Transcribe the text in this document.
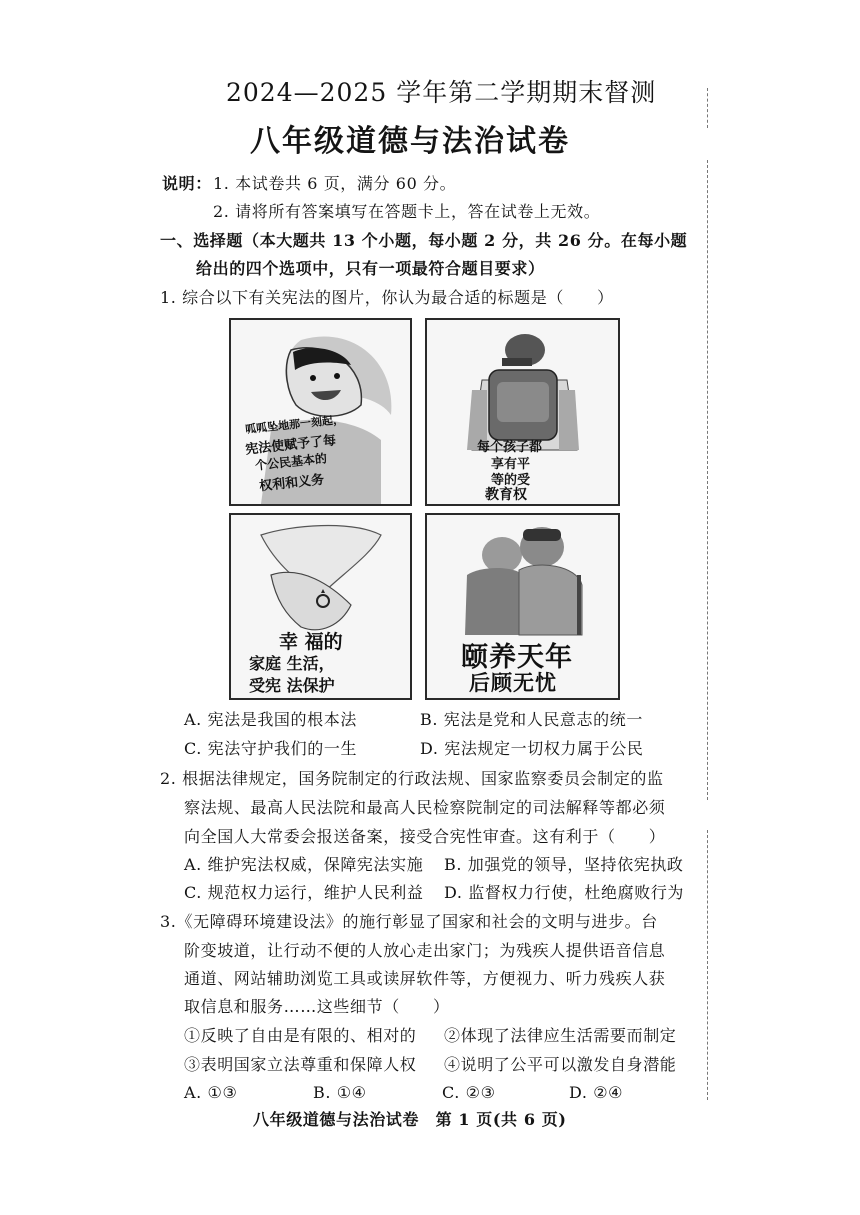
2024—2025 学年第二学期期末督测
八年级道德与法治试卷
说明： 1. 本试卷共 6 页，满分 60 分。
2. 请将所有答案填写在答题卡上，答在试卷上无效。
一、选择题（本大题共 13 个小题，每小题 2 分，共 26 分。在每小题
给出的四个选项中，只有一项最符合题目要求）
1. 综合以下有关宪法的图片，你认为最合适的标题是（　　）
呱呱坠地那一刻起，
宪法使赋予了每
个公民基本的
权利和义务
每个孩子都
享有平
等的受
教育权
幸 福的
家庭 生活，
受宪 法保护
颐养天年
后顾无忧
A. 宪法是我国的根本法	B. 宪法是党和人民意志的统一
C. 宪法守护我们的一生	D. 宪法规定一切权力属于公民
2. 根据法律规定，国务院制定的行政法规、国家监察委员会制定的监
察法规、最高人民法院和最高人民检察院制定的司法解释等都必须
向全国人大常委会报送备案，接受合宪性审查。这有利于（　　）
A. 维护宪法权威，保障宪法实施 B. 加强党的领导，坚持依宪执政
C. 规范权力运行，维护人民利益 D. 监督权力行使，杜绝腐败行为
3.《无障碍环境建设法》的施行彰显了国家和社会的文明与进步。台
阶变坡道，让行动不便的人放心走出家门；为残疾人提供语音信息
通道、网站辅助浏览工具或读屏软件等，方便视力、听力残疾人获
取信息和服务……这些细节（　　）
①反映了自由是有限的、相对的 ②体现了法律应生活需要而制定
③表明国家立法尊重和保障人权 ④说明了公平可以激发自身潜能
A. ①③	B. ①④	C. ②③	D. ②④
八年级道德与法治试卷　第 1 页(共 6 页)
